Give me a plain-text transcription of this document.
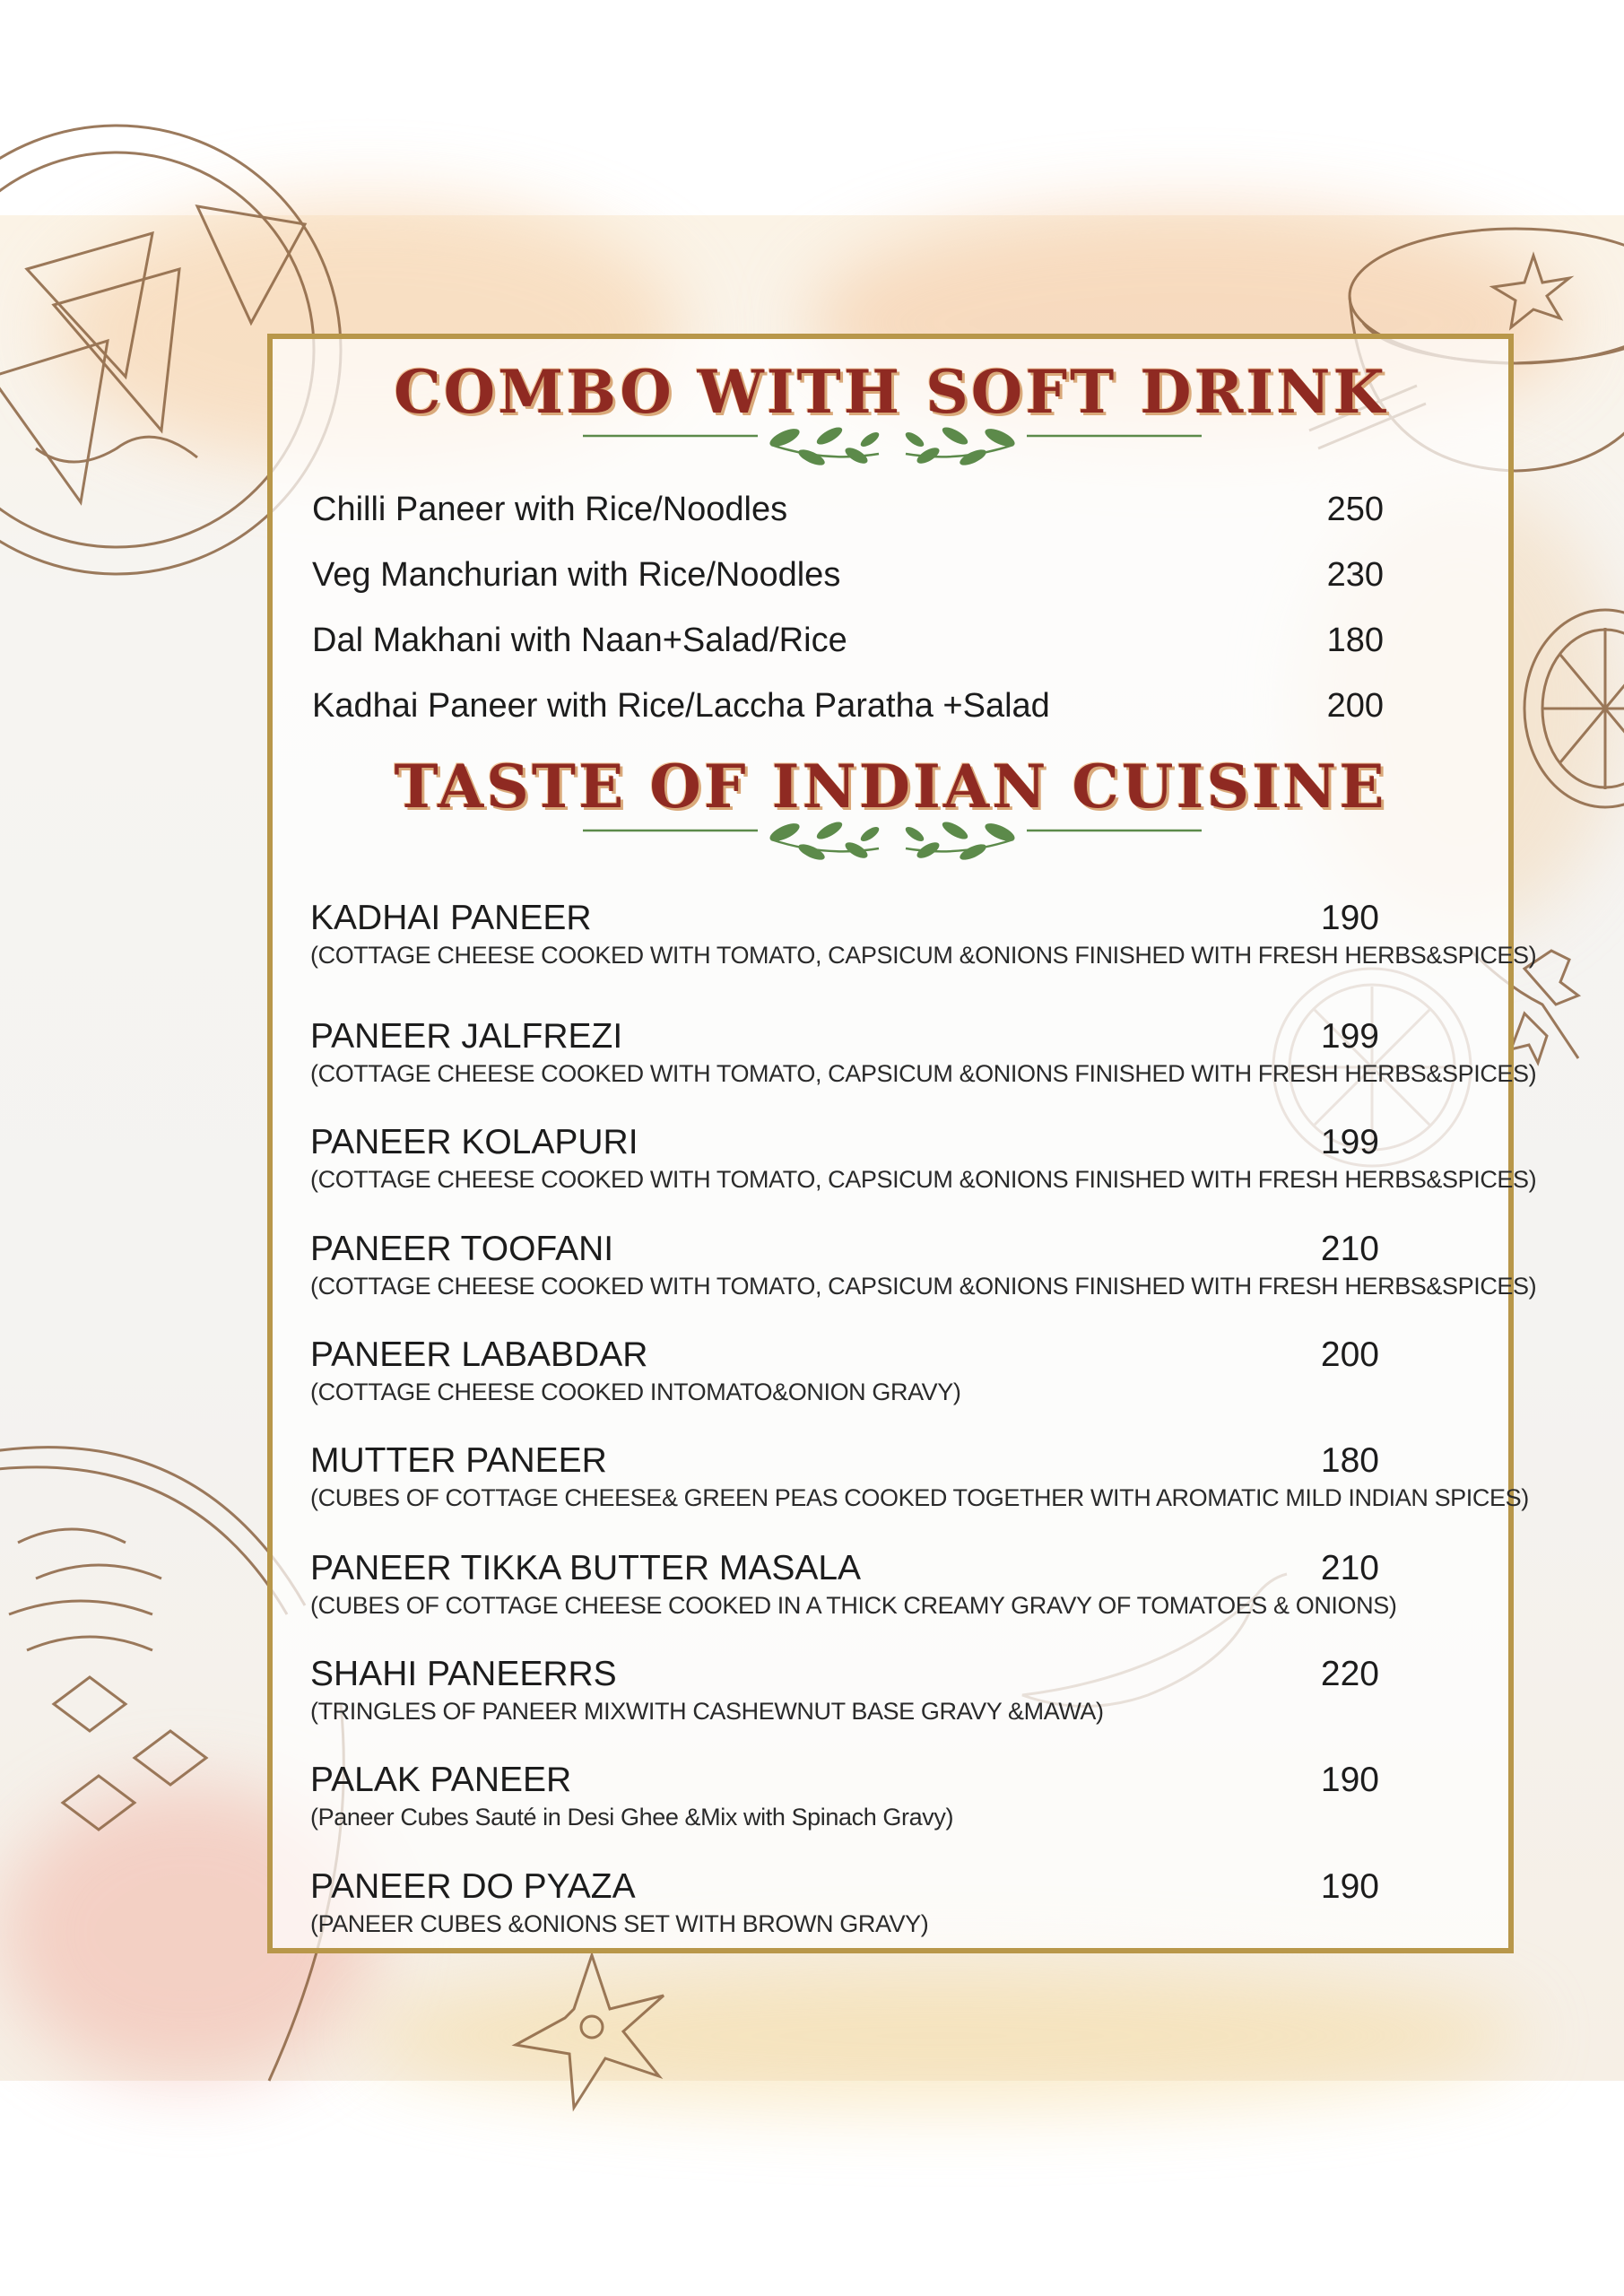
COMBO WITH SOFT DRINK
Chilli Paneer with Rice/Noodles	250
Veg Manchurian with Rice/Noodles	230
Dal Makhani with Naan+Salad/Rice	180
Kadhai Paneer with Rice/Laccha Paratha +Salad	200
TASTE OF INDIAN CUISINE
KADHAI PANEER	190
(COTTAGE CHEESE COOKED WITH TOMATO, CAPSICUM &ONIONS FINISHED WITH FRESH HERBS&SPICES)
PANEER JALFREZI	199
(COTTAGE CHEESE COOKED WITH TOMATO, CAPSICUM &ONIONS FINISHED WITH FRESH HERBS&SPICES)
PANEER KOLAPURI	199
(COTTAGE CHEESE COOKED WITH TOMATO, CAPSICUM &ONIONS FINISHED WITH FRESH HERBS&SPICES)
PANEER TOOFANI	210
(COTTAGE CHEESE COOKED WITH TOMATO, CAPSICUM &ONIONS FINISHED WITH FRESH HERBS&SPICES)
PANEER LABABDAR	200
(COTTAGE CHEESE COOKED INTOMATO&ONION GRAVY)
MUTTER PANEER	180
(CUBES OF COTTAGE CHEESE& GREEN PEAS COOKED TOGETHER WITH AROMATIC MILD INDIAN SPICES)
PANEER TIKKA BUTTER MASALA	210
(CUBES OF COTTAGE CHEESE COOKED IN A THICK CREAMY GRAVY OF TOMATOES & ONIONS)
SHAHI PANEERRS	220
(TRINGLES OF PANEER MIXWITH CASHEWNUT BASE GRAVY &MAWA)
PALAK PANEER	190
(Paneer Cubes Sauté in Desi Ghee &Mix with Spinach Gravy)
PANEER DO PYAZA	190
(PANEER CUBES &ONIONS SET WITH BROWN GRAVY)
